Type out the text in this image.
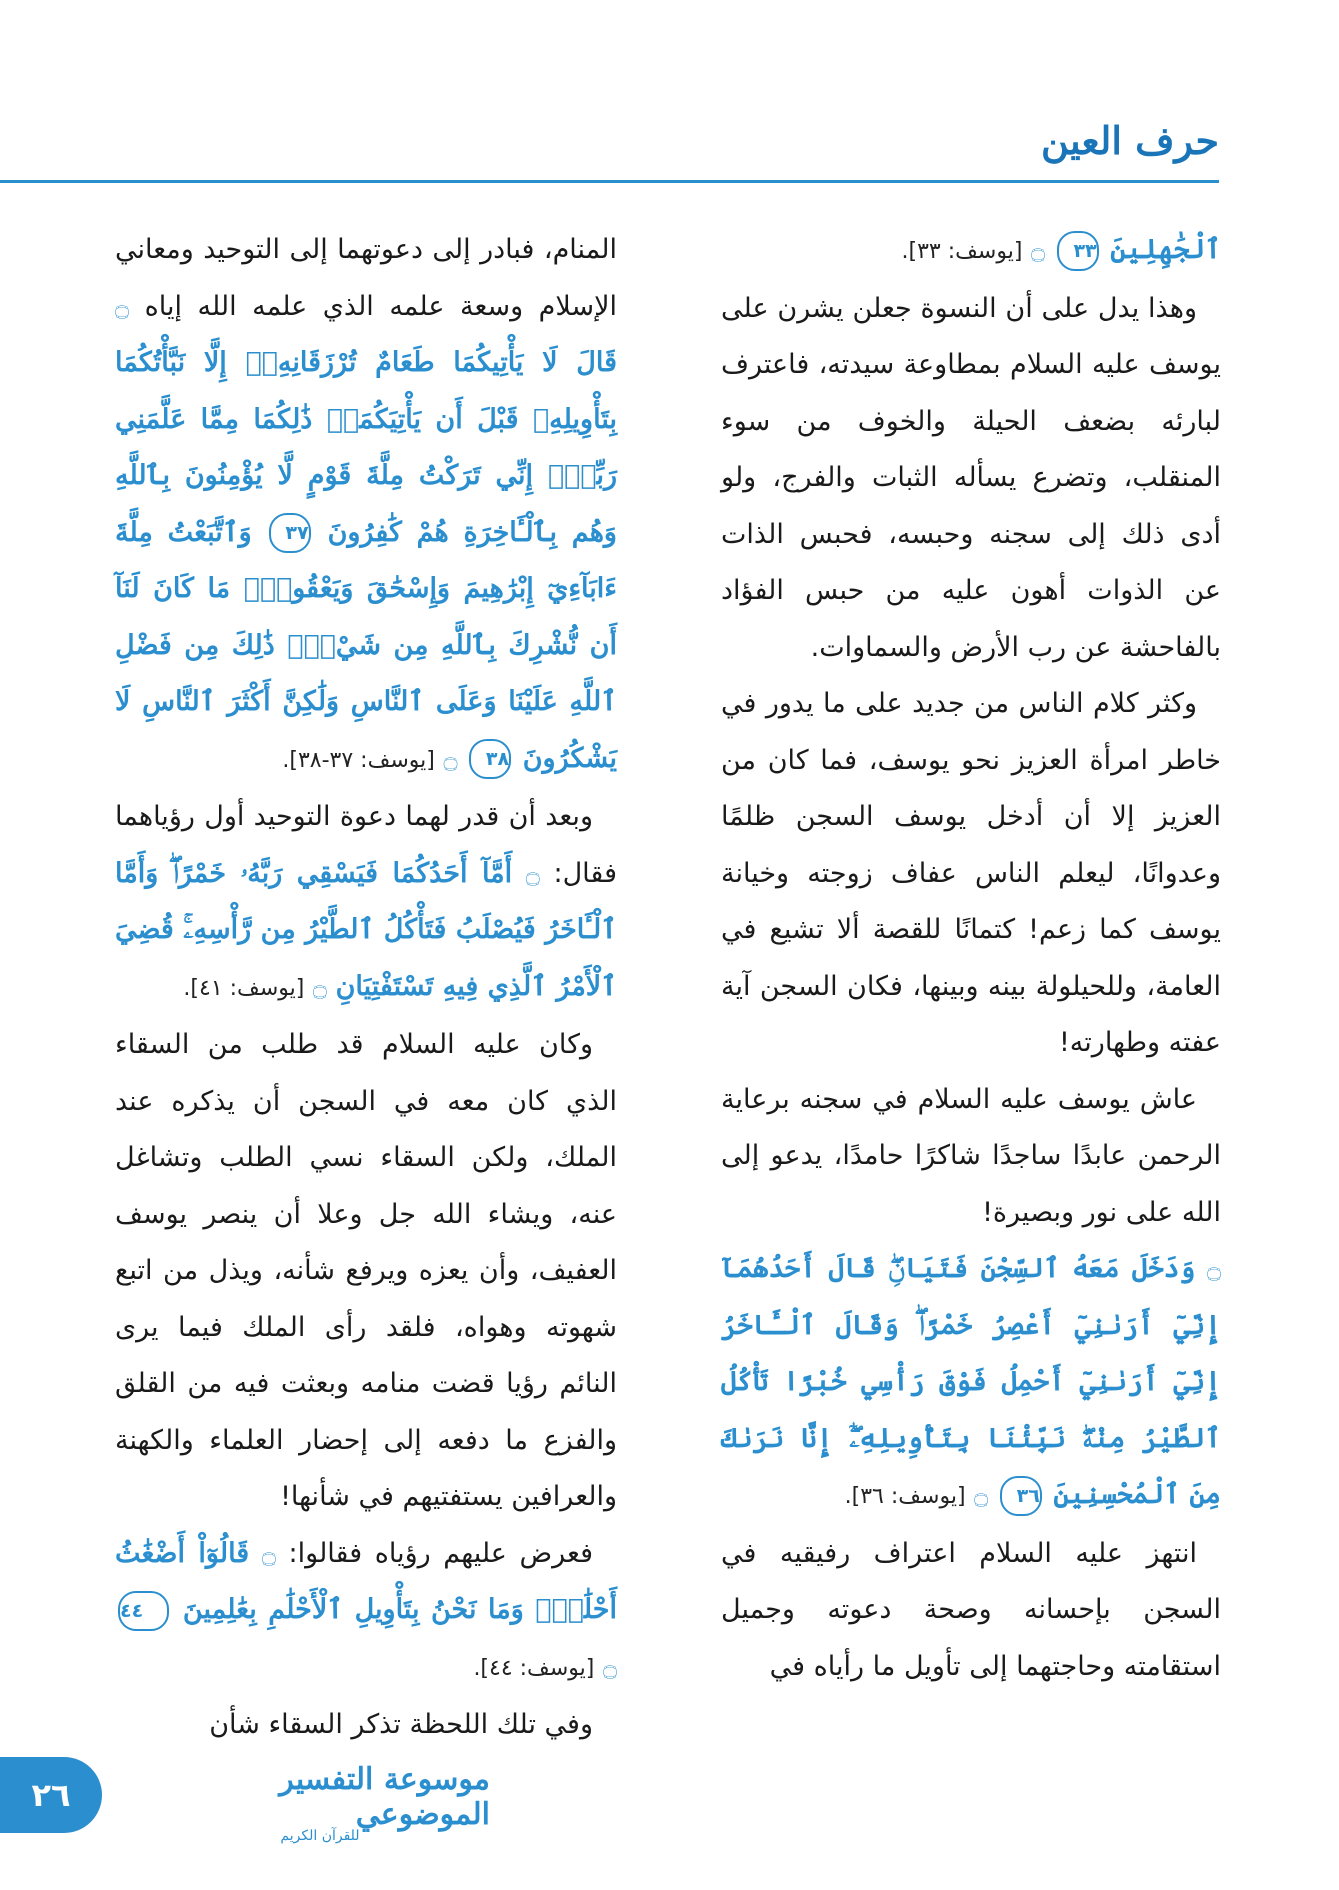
حرف العين

ٱلْجَٰهِلِينَ ٣٣ ۝ [يوسف: ٣٣].

وهذا يدل على أن النسوة جعلن يشرن على يوسف عليه السلام بمطاوعة سيدته، فاعترف لبارئه بضعف الحيلة والخوف من سوء المنقلب، وتضرع يسأله الثبات والفرج، ولو أدى ذلك إلى سجنه وحبسه، فحبس الذات عن الذوات أهون عليه من حبس الفؤاد بالفاحشة عن رب الأرض والسماوات.

وكثر كلام الناس من جديد على ما يدور في خاطر امرأة العزيز نحو يوسف، فما كان من العزيز إلا أن أدخل يوسف السجن ظلمًا وعدوانًا، ليعلم الناس عفاف زوجته وخيانة يوسف كما زعم! كتمانًا للقصة ألا تشيع في العامة، وللحيلولة بينه وبينها، فكان السجن آية عفته وطهارته!

عاش يوسف عليه السلام في سجنه برعاية الرحمن عابدًا ساجدًا شاكرًا حامدًا، يدعو إلى الله على نور وبصيرة!

۝ وَدَخَلَ مَعَهُ ٱلسِّجْنَ فَتَيَانِۖ قَالَ أَحَدُهُمَآ إِنِّيٓ أَرَىٰنِيٓ أَعْصِرُ خَمْرًاۖ وَقَالَ ٱلْـَٔاخَرُ إِنِّيٓ أَرَىٰنِيٓ أَحْمِلُ فَوْقَ رَأْسِي خُبْزًا تَأْكُلُ ٱلطَّيْرُ مِنْهُۖ نَبِّئْنَا بِتَأْوِيلِهِۦٓۖ إِنَّا نَرَىٰكَ مِنَ ٱلْمُحْسِنِينَ ٣٦ ۝ [يوسف: ٣٦].

انتهز عليه السلام اعتراف رفيقيه في السجن بإحسانه وصحة دعوته وجميل استقامته وحاجتهما إلى تأويل ما رأياه في

المنام، فبادر إلى دعوتهما إلى التوحيد ومعاني الإسلام وسعة علمه الذي علمه الله إياه ۝ قَالَ لَا يَأْتِيكُمَا طَعَامٌ تُرْزَقَانِهِۦٓ إِلَّا نَبَّأْتُكُمَا بِتَأْوِيلِهِۦ قَبْلَ أَن يَأْتِيَكُمَاۚ ذَٰلِكُمَا مِمَّا عَلَّمَنِي رَبِّيٓۚ إِنِّي تَرَكْتُ مِلَّةَ قَوْمٍ لَّا يُؤْمِنُونَ بِٱللَّهِ وَهُم بِٱلْـَٔاخِرَةِ هُمْ كَٰفِرُونَ ٣٧ وَٱتَّبَعْتُ مِلَّةَ ءَابَآءِيٓ إِبْرَٰهِيمَ وَإِسْحَٰقَ وَيَعْقُوبَۚ مَا كَانَ لَنَآ أَن نُّشْرِكَ بِٱللَّهِ مِن شَيْءٍۚ ذَٰلِكَ مِن فَضْلِ ٱللَّهِ عَلَيْنَا وَعَلَى ٱلنَّاسِ وَلَٰكِنَّ أَكْثَرَ ٱلنَّاسِ لَا يَشْكُرُونَ ٣٨ ۝ [يوسف: ٣٧-٣٨].

وبعد أن قدر لهما دعوة التوحيد أول رؤياهما فقال: ۝ أَمَّآ أَحَدُكُمَا فَيَسْقِي رَبَّهُۥ خَمْرًاۖ وَأَمَّا ٱلْـَٔاخَرُ فَيُصْلَبُ فَتَأْكُلُ ٱلطَّيْرُ مِن رَّأْسِهِۦۚ قُضِيَ ٱلْأَمْرُ ٱلَّذِي فِيهِ تَسْتَفْتِيَانِ ۝ [يوسف: ٤١].

وكان عليه السلام قد طلب من السقاء الذي كان معه في السجن أن يذكره عند الملك، ولكن السقاء نسي الطلب وتشاغل عنه، ويشاء الله جل وعلا أن ينصر يوسف العفيف، وأن يعزه ويرفع شأنه، ويذل من اتبع شهوته وهواه، فلقد رأى الملك فيما يرى النائم رؤيا قضت منامه وبعثت فيه من القلق والفزع ما دفعه إلى إحضار العلماء والكهنة والعرافين يستفتيهم في شأنها!

فعرض عليهم رؤياه فقالوا: ۝ قَالُوٓاْ أَضْغَٰثُ أَحْلَٰمٍۖ وَمَا نَحْنُ بِتَأْوِيلِ ٱلْأَحْلَٰمِ بِعَٰلِمِينَ ٤٤ ۝ [يوسف: ٤٤].

وفي تلك اللحظة تذكر السقاء شأن

موسوعة التفسير الموضوعي
للقرآن الكريم
٢٦
